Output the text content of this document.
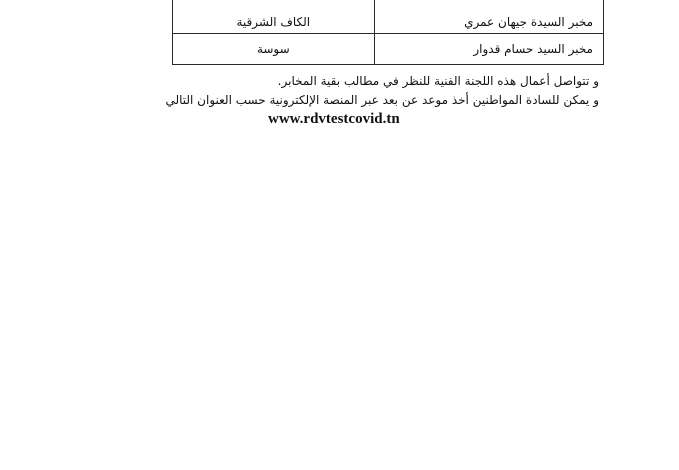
مخبر السيدة جيهان عمري	الكاف الشرقية
مخبر السيد حسام قدوار	سوسة
و تتواصل أعمال هذه اللجنة الفنية للنظر في مطالب بقية المخابر.
و يمكن للسادة المواطنين أخذ موعد عن بعد عبر المنصة الإلكترونية حسب العنوان التالي
www.rdvtestcovid.tn
